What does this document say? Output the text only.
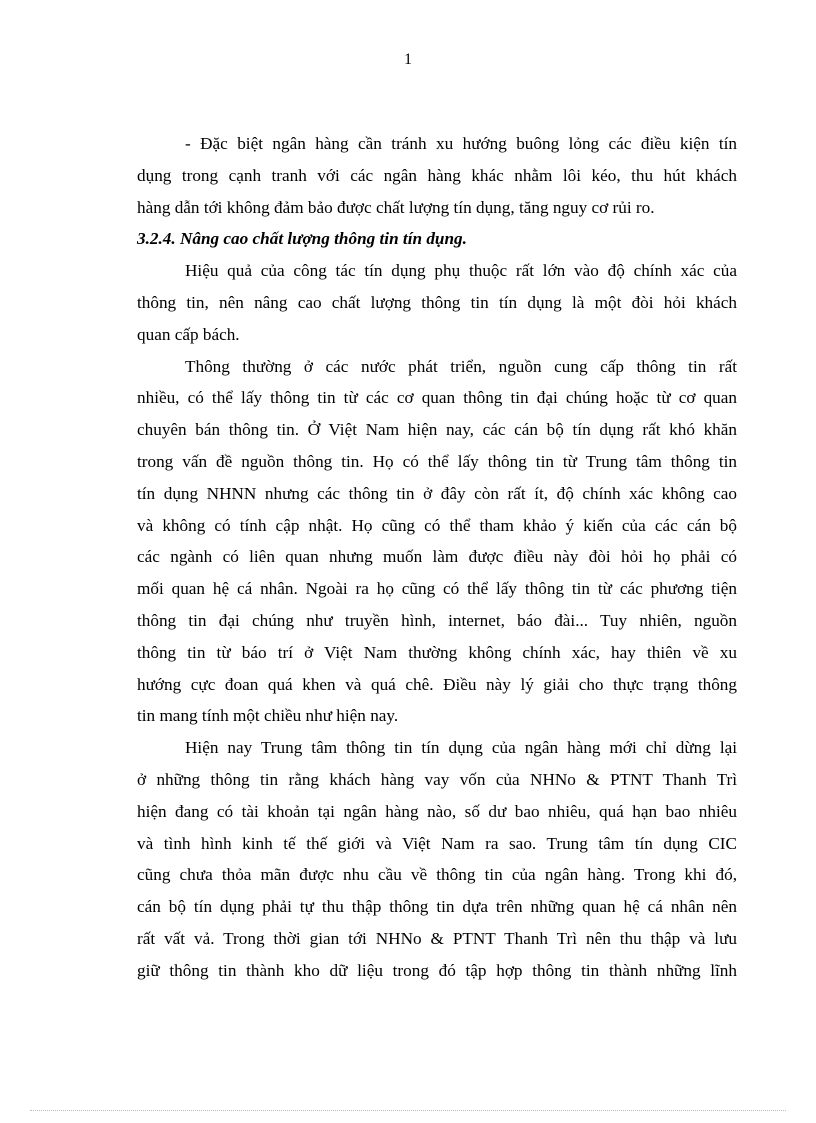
1
- Đặc biệt ngân hàng cần tránh xu hướng buông lỏng các điều kiện tín
dụng trong cạnh tranh với các ngân hàng khác nhằm lôi kéo, thu hút khách
hàng dẫn tới không đảm bảo được chất lượng tín dụng, tăng nguy cơ rủi ro.
3.2.4. Nâng cao chất lượng thông tin tín dụng.
Hiệu quả của công tác tín dụng phụ thuộc rất lớn vào độ chính xác của
thông tin, nên nâng cao chất lượng thông tin tín dụng là một đòi hỏi khách
quan cấp bách.
Thông thường ở các nước phát triển, nguồn cung cấp thông tin rất
nhiều, có thể lấy thông tin từ các cơ quan thông tin đại chúng hoặc từ cơ quan
chuyên bán thông tin. Ở Việt Nam hiện nay, các cán bộ tín dụng rất khó khăn
trong vấn đề nguồn thông tin. Họ có thể lấy thông tin từ Trung tâm thông tin
tín dụng NHNN nhưng các thông tin ở đây còn rất ít, độ chính xác không cao
và không có tính cập nhật. Họ cũng có thể tham khảo ý kiến của các cán bộ
các ngành có liên quan nhưng muốn làm được điều này đòi hỏi họ phải có
mối quan hệ cá nhân. Ngoài ra họ cũng có thể lấy thông tin từ các phương tiện
thông tin đại chúng như truyền hình, internet, báo đài... Tuy nhiên, nguồn
thông tin từ báo trí ở Việt Nam thường không chính xác, hay thiên về xu
hướng cực đoan quá khen và quá chê. Điều này lý giải cho thực trạng thông
tin mang tính một chiều như hiện nay.
Hiện nay Trung tâm thông tin tín dụng của ngân hàng mới chỉ dừng lại
ở những thông tin rằng khách hàng vay vốn của NHNo & PTNT Thanh Trì
hiện đang có tài khoản tại ngân hàng nào, số dư bao nhiêu, quá hạn bao nhiêu
và tình hình kinh tế thế giới và Việt Nam ra sao. Trung tâm tín dụng CIC
cũng chưa thỏa mãn được nhu cầu về thông tin của ngân hàng. Trong khi đó,
cán bộ tín dụng phải tự thu thập thông tin dựa trên những quan hệ cá nhân nên
rất vất vả. Trong thời gian tới NHNo & PTNT Thanh Trì nên thu thập và lưu
giữ thông tin thành kho dữ liệu trong đó tập hợp thông tin thành những lĩnh
